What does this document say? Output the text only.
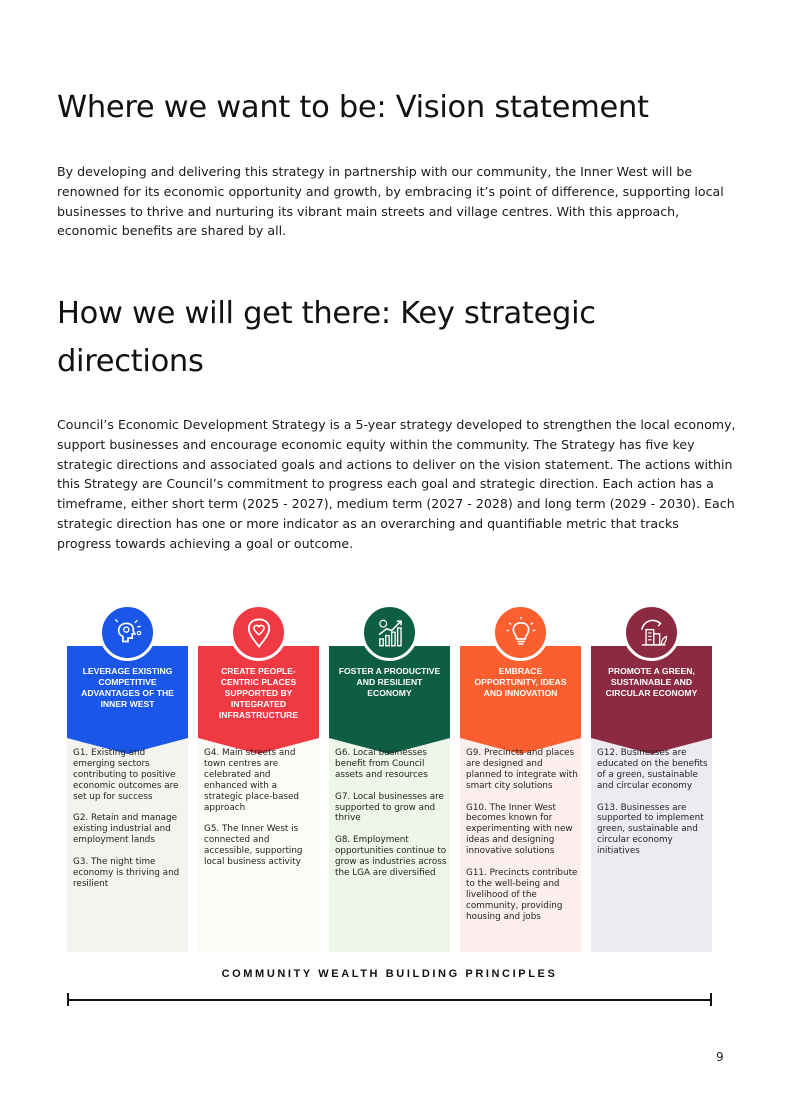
Where we want to be: Vision statement

By developing and delivering this strategy in partnership with our community, the Inner West will be renowned for its economic opportunity and growth, by embracing it’s point of difference, supporting local businesses to thrive and nurturing its vibrant main streets and village centres. With this approach, economic benefits are shared by all.

How we will get there: Key strategic directions

Council’s Economic Development Strategy is a 5-year strategy developed to strengthen the local economy, support businesses and encourage economic equity within the community. The Strategy has five key strategic directions and associated goals and actions to deliver on the vision statement. The actions within this Strategy are Council’s commitment to progress each goal and strategic direction. Each action has a timeframe, either short term (2025 - 2027), medium term (2027 - 2028) and long term (2029 - 2030). Each strategic direction has one or more indicator as an overarching and quantifiable metric that tracks progress towards achieving a goal or outcome.

LEVERAGE EXISTING COMPETITIVE ADVANTAGES OF THE INNER WEST
G1. Existing and emerging sectors contributing to positive economic outcomes are set up for success
G2. Retain and manage existing industrial and employment lands
G3. The night time economy is thriving and resilient
CREATE PEOPLE-CENTRIC PLACES SUPPORTED BY INTEGRATED INFRASTRUCTURE
G4. Main streets and town centres are celebrated and enhanced with a strategic place-based approach
G5. The Inner West is connected and accessible, supporting local business activity
FOSTER A PRODUCTIVE AND RESILIENT ECONOMY
G6. Local businesses benefit from Council assets and resources
G7. Local businesses are supported to grow and thrive
G8. Employment opportunities continue to grow as industries across the LGA are diversified
EMBRACE OPPORTUNITY, IDEAS AND INNOVATION
G9. Precincts and places are designed and planned to integrate with smart city solutions
G10. The Inner West becomes known for experimenting with new ideas and designing innovative solutions
G11. Precincts contribute to the well-being and livelihood of the community, providing housing and jobs
PROMOTE A GREEN, SUSTAINABLE AND CIRCULAR ECONOMY
G12. Businesses are educated on the benefits of a green, sustainable and circular economy
G13. Businesses are supported to implement green, sustainable and circular economy initiatives
COMMUNITY WEALTH BUILDING PRINCIPLES
9
